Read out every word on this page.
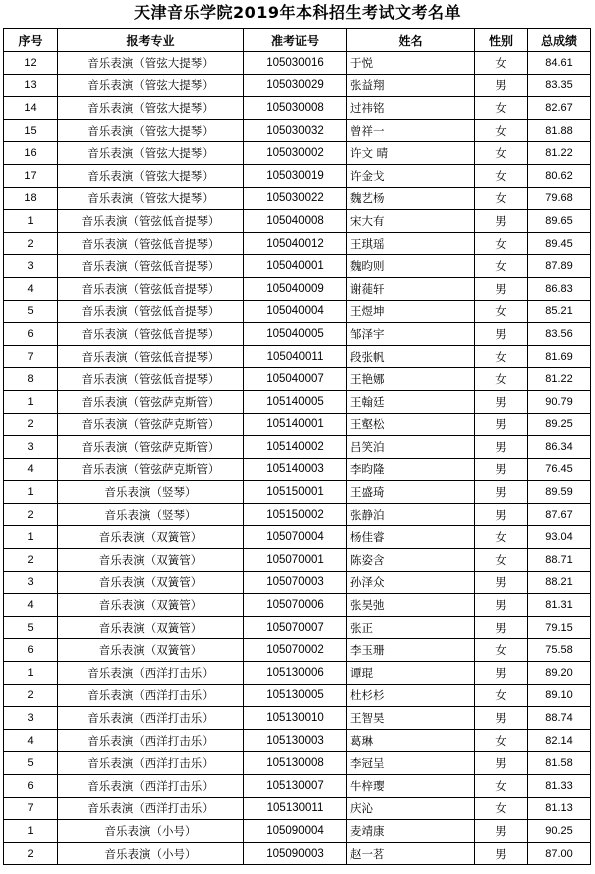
天津音乐学院2019年本科招生考试文考名单
序号	报考专业	准考证号	姓名	性别	总成绩
12	音乐表演（管弦大提琴）	105030016	于悦	女	84.61
13	音乐表演（管弦大提琴）	105030029	张益翔	男	83.35
14	音乐表演（管弦大提琴）	105030008	过祎铭	女	82.67
15	音乐表演（管弦大提琴）	105030032	曾祥一	女	81.88
16	音乐表演（管弦大提琴）	105030002	许文 晴	女	81.22
17	音乐表演（管弦大提琴）	105030019	许金戈	女	80.62
18	音乐表演（管弦大提琴）	105030022	魏艺杨	女	79.68
1	音乐表演（管弦低音提琴）	105040008	宋大有	男	89.65
2	音乐表演（管弦低音提琴）	105040012	王琪瑶	女	89.45
3	音乐表演（管弦低音提琴）	105040001	魏昀则	女	87.89
4	音乐表演（管弦低音提琴）	105040009	谢蓰轩	男	86.83
5	音乐表演（管弦低音提琴）	105040004	王煜坤	女	85.21
6	音乐表演（管弦低音提琴）	105040005	邹泽宇	男	83.56
7	音乐表演（管弦低音提琴）	105040011	段张帆	女	81.69
8	音乐表演（管弦低音提琴）	105040007	王艳娜	女	81.22
1	音乐表演（管弦萨克斯管）	105140005	王翰廷	男	90.79
2	音乐表演（管弦萨克斯管）	105140001	王壑松	男	89.25
3	音乐表演（管弦萨克斯管）	105140002	吕笑泊	男	86.34
4	音乐表演（管弦萨克斯管）	105140003	李昀隆	男	76.45
1	音乐表演（竖琴）	105150001	王盛琦	男	89.59
2	音乐表演（竖琴）	105150002	张静泊	男	87.67
1	音乐表演（双簧管）	105070004	杨佳睿	女	93.04
2	音乐表演（双簧管）	105070001	陈姿含	女	88.71
3	音乐表演（双簧管）	105070003	孙泽众	男	88.21
4	音乐表演（双簧管）	105070006	张昊弛	男	81.31
5	音乐表演（双簧管）	105070007	张正	男	79.15
6	音乐表演（双簧管）	105070002	李玉珊	女	75.58
1	音乐表演（西洋打击乐）	105130006	谭琨	男	89.20
2	音乐表演（西洋打击乐）	105130005	杜杉杉	女	89.10
3	音乐表演（西洋打击乐）	105130010	王智昊	男	88.74
4	音乐表演（西洋打击乐）	105130003	葛琳	女	82.14
5	音乐表演（西洋打击乐）	105130008	李冠呈	男	81.58
6	音乐表演（西洋打击乐）	105130007	牛梓璎	女	81.33
7	音乐表演（西洋打击乐）	105130011	庆沁	女	81.13
1	音乐表演（小号）	105090004	麦靖康	男	90.25
2	音乐表演（小号）	105090003	赵一茗	男	87.00
